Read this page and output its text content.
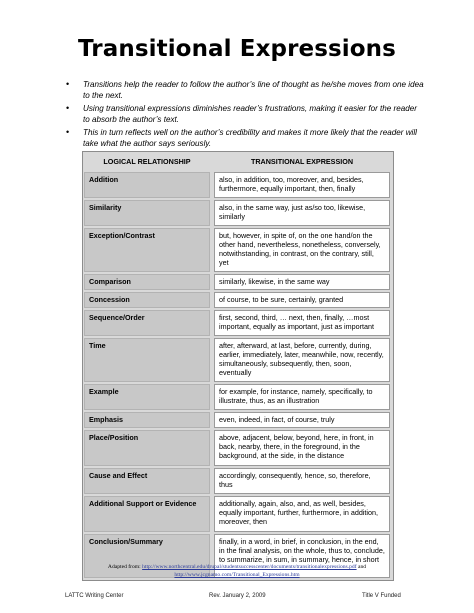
Transitional Expressions
• Transitions help the reader to follow the author’s line of thought as he/she moves from one idea to the next.
• Using transitional expressions diminishes reader’s frustrations, making it easier for the reader to absorb the author’s text.
• This in turn reflects well on the author’s credibility and makes it more likely that the reader will take what the author says seriously.
LOGICAL RELATIONSHIP	TRANSITIONAL EXPRESSION
Addition	also, in addition, too, moreover, and, besides, furthermore, equally important, then, finally
Similarity	also, in the same way, just as/so too, likewise, similarly
Exception/Contrast	but, however, in spite of, on the one hand/on the other hand, nevertheless, nonetheless, conversely, notwithstanding, in contrast, on the contrary, still, yet
Comparison	similarly, likewise, in the same way
Concession	of course, to be sure, certainly, granted
Sequence/Order	first, second, third, … next, then, finally, …most important, equally as important, just as important
Time	after, afterward, at last, before, currently, during, earlier, immediately, later, meanwhile, now, recently, simultaneously, subsequently, then, soon, eventually
Example	for example, for instance, namely, specifically, to illustrate, thus, as an illustration
Emphasis	even, indeed, in fact, of course, truly
Place/Position	above, adjacent, below, beyond, here, in front, in back, nearby, there, in the foreground, in the background, at the side, in the distance
Cause and Effect	accordingly, consequently, hence, so, therefore, thus
Additional Support or Evidence	additionally, again, also, and, as well, besides, equally important, further, furthermore, in addition, moreover, then
Conclusion/Summary	finally, in a word, in brief, in conclusion, in the end, in the final analysis, on the whole, thus to, conclude, to summarize, in sum, in summary, hence, in short
Adapted from: http://www.northcentral.edu/drupal/studentsuccesscenter/documents/transitionalexpressions.pdf and
http://www.jcgnamo.com/Transitional_Expressions.htm
LATTC Writing Center	Rev. January 2, 2009	Title V Funded
